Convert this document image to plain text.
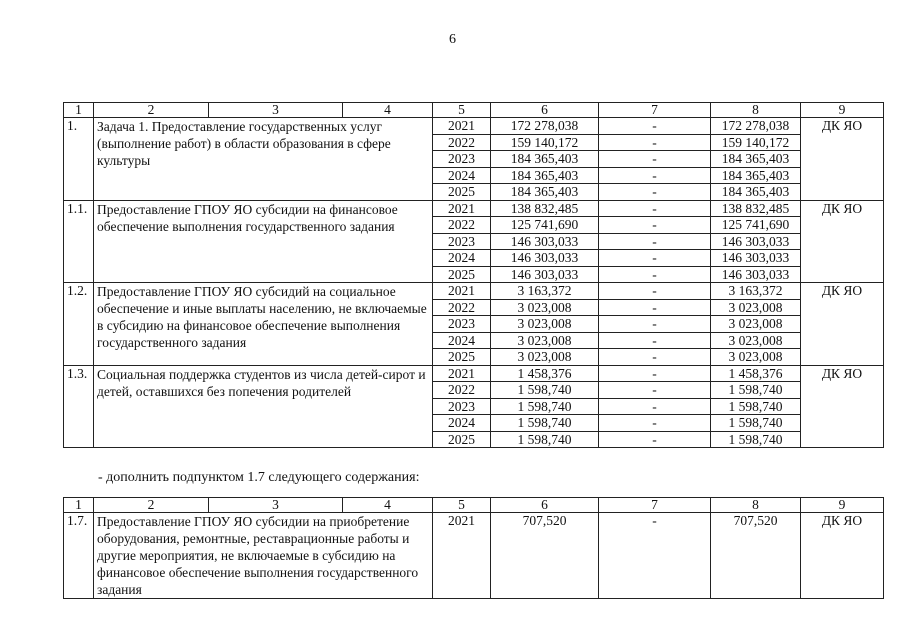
6
1	2	3	4	5	6	7	8	9
1.	Задача 1. Предоставление государственных услуг (выполнение работ) в области образования в сфере культуры			2021	172 278,038	-	172 278,038	ДК ЯО
				2022	159 140,172	-	159 140,172	
				2023	184 365,403	-	184 365,403	
				2024	184 365,403	-	184 365,403	
				2025	184 365,403	-	184 365,403	
1.1.	Предоставление ГПОУ ЯО субсидии на финансовое обеспечение выполнения государственного задания			2021	138 832,485	-	138 832,485	ДК ЯО
				2022	125 741,690	-	125 741,690	
				2023	146 303,033	-	146 303,033	
				2024	146 303,033	-	146 303,033	
				2025	146 303,033	-	146 303,033	
1.2.	Предоставление ГПОУ ЯО субсидий на социальное обеспечение и иные выплаты населению, не включаемые в субсидию на финансовое обеспечение выполнения государственного задания			2021	3 163,372	-	3 163,372	ДК ЯО
				2022	3 023,008	-	3 023,008	
				2023	3 023,008	-	3 023,008	
				2024	3 023,008	-	3 023,008	
				2025	3 023,008	-	3 023,008	
1.3.	Социальная поддержка студентов из числа детей-сирот и детей, оставшихся без попечения родителей			2021	1 458,376	-	1 458,376	ДК ЯО
				2022	1 598,740	-	1 598,740	
				2023	1 598,740	-	1 598,740	
				2024	1 598,740	-	1 598,740	
				2025	1 598,740	-	1 598,740	
- дополнить подпунктом 1.7 следующего содержания:
1	2	3	4	5	6	7	8	9
1.7.	Предоставление ГПОУ ЯО субсидии на приобретение оборудования, ремонтные, реставрационные работы и другие мероприятия, не включаемые в субсидию на финансовое обеспечение выполнения государственного задания			2021	707,520	-	707,520	ДК ЯО
